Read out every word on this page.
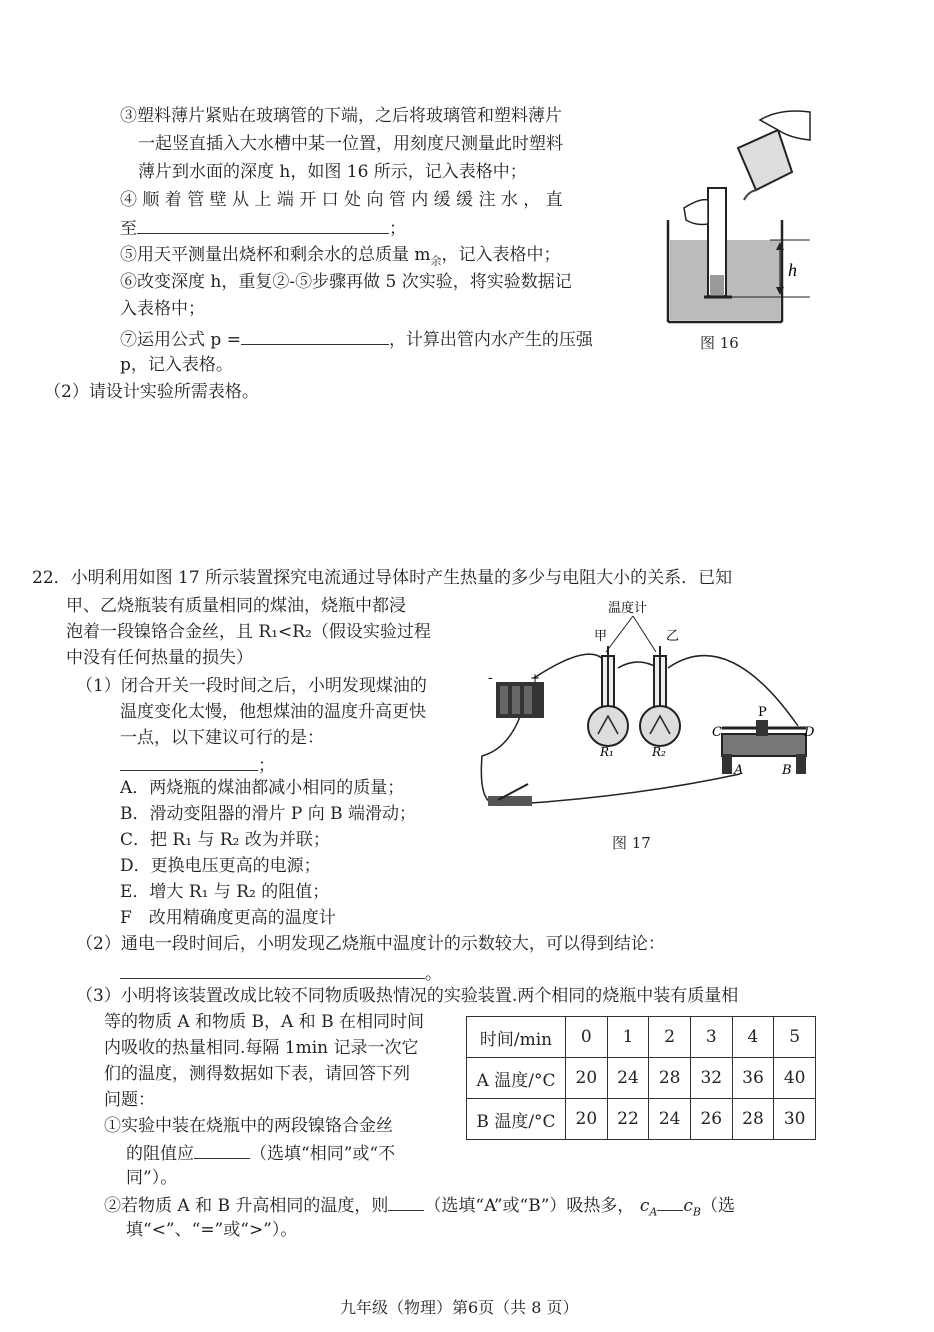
③塑料薄片紧贴在玻璃管的下端，之后将玻璃管和塑料薄片
一起竖直插入大水槽中某一位置，用刻度尺测量此时塑料
薄片到水面的深度 h，如图 16 所示，记入表格中；
④ 顺 着 管 壁 从 上 端 开 口 处 向 管 内 缓 缓 注 水 ， 直
至	；
⑤用天平测量出烧杯和剩余水的总质量 $m_余$，记入表格中；
⑥改变深度 h，重复②-⑤步骤再做 5 次实验，将实验数据记
入表格中；
⑦运用公式 p =	，计算出管内水产生的压强
p，记入表格。
（2）请设计实验所需表格。
h
图 16
22．小明利用如图 17 所示装置探究电流通过导体时产生热量的多少与电阻大小的关系．已知
甲、乙烧瓶装有质量相同的煤油，烧瓶中都浸
泡着一段镍铬合金丝，且 R₁<R₂（假设实验过程
中没有任何热量的损失）
（1）闭合开关一段时间之后，小明发现煤油的
温度变化太慢，他想煤油的温度升高更快
一点，以下建议可行的是：
；
A．两烧瓶的煤油都减小相同的质量；
B．滑动变阻器的滑片 P 向 B 端滑动；
C．把 R₁ 与 R₂ 改为并联；
D．更换电压更高的电源；
E．增大 R₁ 与 R₂ 的阻值；
F　改用精确度更高的温度计
（2）通电一段时间后，小明发现乙烧瓶中温度计的示数较大，可以得到结论：
。
（3）小明将该装置改成比较不同物质吸热情况的实验装置.两个相同的烧瓶中装有质量相
等的物质 A 和物质 B，A 和 B 在相同时间
内吸收的热量相同.每隔 1min 记录一次它
们的温度，测得数据如下表，请回答下列
问题：
①实验中装在烧瓶中的两段镍铬合金丝
的阻值应	（选填“相同”或“不
同”）。
②若物质 A 和 B 升高相同的温度，则 （选填“A”或“B”）吸热多， $c_A$ $c_B$（选
填“<”、“=”或“>”）。
-	+
温度计
甲	乙
R₁	R₂
P
C	D
A	B
图 17
时间/min	0	1	2	3	4	5
A 温度/°C	20	24	28	32	36	40
B 温度/°C	20	22	24	26	28	30
九年级（物理）第6页（共 8 页）
